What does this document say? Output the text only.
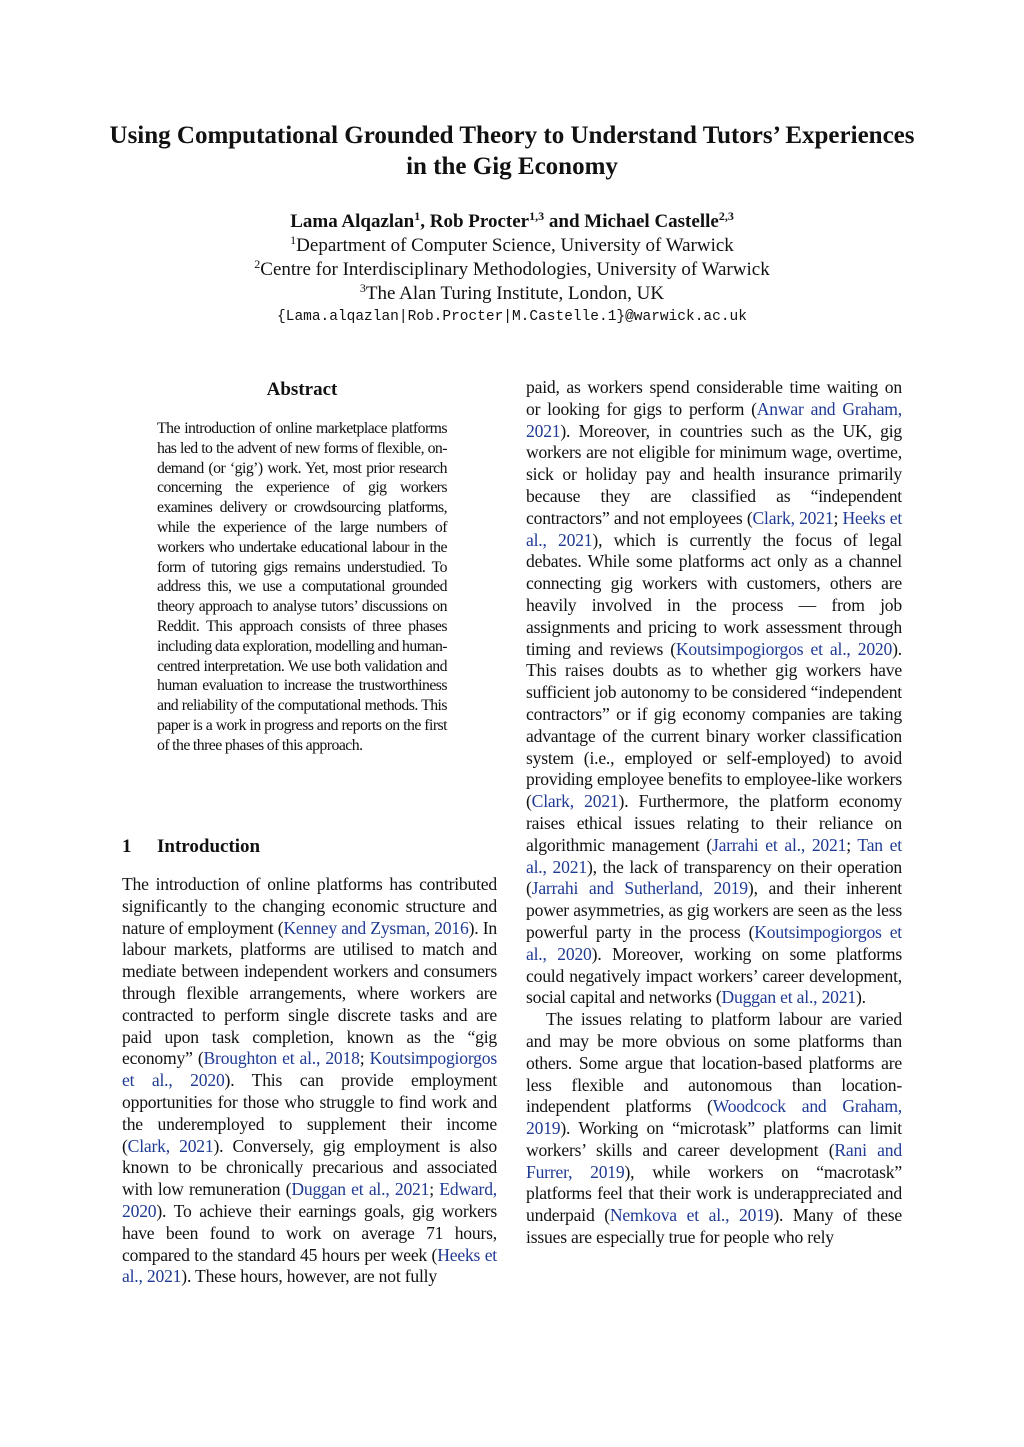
Using Computational Grounded Theory to Understand Tutors’ Experiences
in the Gig Economy
Lama Alqazlan$^1$, Rob Procter$^{1,3}$ and Michael Castelle$^{2,3}$
$^1$Department of Computer Science, University of Warwick
$^2$Centre for Interdisciplinary Methodologies, University of Warwick
$^3$The Alan Turing Institute, London, UK
{Lama.alqazlan|Rob.Procter|M.Castelle.1}@warwick.ac.uk
Abstract

The introduction of online marketplace platforms has led to the advent of new forms of flexible, on-demand (or ‘gig’) work. Yet, most prior research concerning the experience of gig workers examines delivery or crowdsourcing platforms, while the experience of the large numbers of workers who undertake educational labour in the form of tutoring gigs remains understudied. To address this, we use a computational grounded theory approach to analyse tutors’ discussions on Reddit. This approach consists of three phases including data exploration, modelling and human-centred interpretation. We use both validation and human evaluation to increase the trustworthiness and reliability of the computational methods. This paper is a work in progress and reports on the first of the three phases of this approach.

1 Introduction

The introduction of online platforms has contributed significantly to the changing economic structure and nature of employment (Kenney and Zysman, 2016). In labour markets, platforms are utilised to match and mediate between independent workers and consumers through flexible arrangements, where workers are contracted to perform single discrete tasks and are paid upon task completion, known as the “gig economy” (Broughton et al., 2018; Koutsimpogiorgos et al., 2020). This can provide employment opportunities for those who struggle to find work and the underemployed to supplement their income (Clark, 2021). Conversely, gig employment is also known to be chronically precarious and associated with low remuneration (Duggan et al., 2021; Edward, 2020). To achieve their earnings goals, gig workers have been found to work on average 71 hours, compared to the standard 45 hours per week (Heeks et al., 2021). These hours, however, are not fully

paid, as workers spend considerable time waiting on or looking for gigs to perform (Anwar and Graham, 2021). Moreover, in countries such as the UK, gig workers are not eligible for minimum wage, overtime, sick or holiday pay and health insurance primarily because they are classified as “independent contractors” and not employees (Clark, 2021; Heeks et al., 2021), which is currently the focus of legal debates. While some platforms act only as a channel connecting gig workers with customers, others are heavily involved in the process — from job assignments and pricing to work assessment through timing and reviews (Koutsimpogiorgos et al., 2020). This raises doubts as to whether gig workers have sufficient job autonomy to be considered “independent contractors” or if gig economy companies are taking advantage of the current binary worker classification system (i.e., employed or self-employed) to avoid providing employee benefits to employee-like workers (Clark, 2021). Furthermore, the platform economy raises ethical issues relating to their reliance on algorithmic management (Jarrahi et al., 2021; Tan et al., 2021), the lack of transparency on their operation (Jarrahi and Sutherland, 2019), and their inherent power asymmetries, as gig workers are seen as the less powerful party in the process (Koutsimpogiorgos et al., 2020). Moreover, working on some platforms could negatively impact workers’ career development, social capital and networks (Duggan et al., 2021).
The issues relating to platform labour are varied and may be more obvious on some platforms than others. Some argue that location-based platforms are less flexible and autonomous than location-independent platforms (Woodcock and Graham, 2019). Working on “microtask” platforms can limit workers’ skills and career development (Rani and Furrer, 2019), while workers on “macrotask” platforms feel that their work is underappreciated and underpaid (Nemkova et al., 2019). Many of these issues are especially true for people who rely
